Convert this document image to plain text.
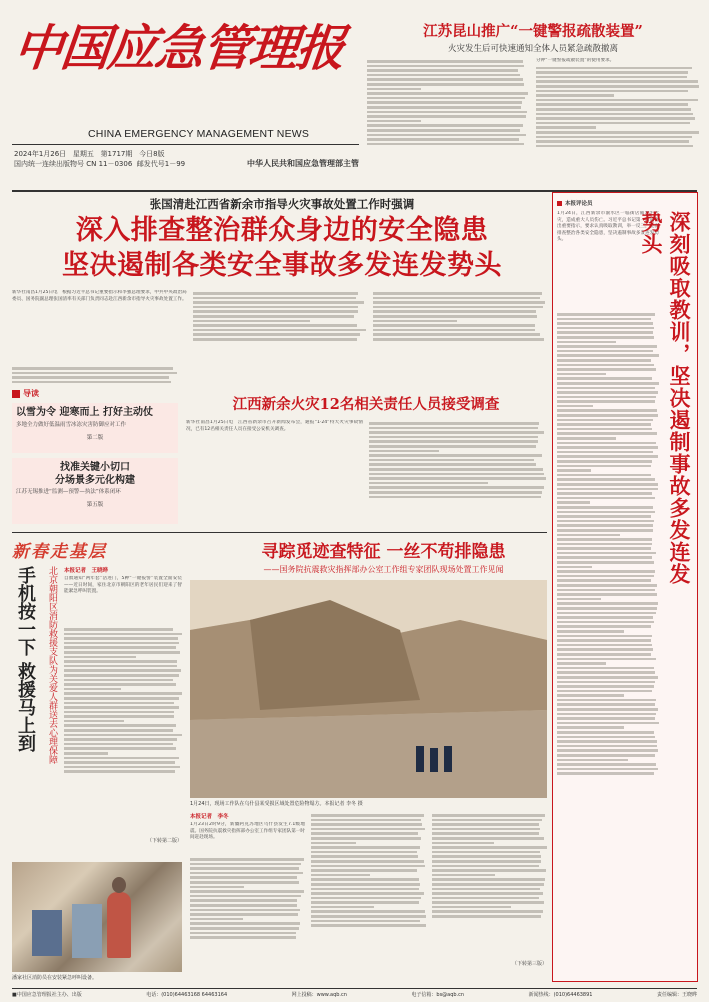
中国应急管理报
CHINA EMERGENCY MANAGEMENT NEWS
2024年1月26日 星期五 第1717期 今日8版
国内统一连续出版物号 CN 11－0306 邮发代号1－99	中华人民共和国应急管理部主管
江苏昆山推广“一键警报疏散装置”
火灾发生后可快速通知全体人员紧急疏散撤离
分钟“一键警报疏散装置”的使用要求。
张国清赴江西省新余市指导火灾事故处置工作时强调
深入排查整治群众身边的安全隐患
坚决遏制各类安全事故多发连发势头
新华社南昌1月25日电　根据习近平总书记重要指示和李强总理要求，中共中央政治局委员、国务院副总理张国清率有关部门负责同志赴江西新余市指导火灾事故处置工作。
导读
以雪为令 迎寒而上 打好主动仗
多地全力做好低温雨雪冰冻灾害防御应对工作
第二版
找准关键小切口
分场景多元化构建
江苏无锡推进“监测—预警—执法”体系闭环
第五版
江西新余火灾12名相关责任人员接受调查
新华社南昌1月25日电　江西省新余市召开新闻发布会，通报“1·24”特大火灾事故情况，已有12名相关责任人员在接受公安机关调查。
本报评论员
1月24日，江西新余市渝水区一临街店铺发生火灾，造成重大人员伤亡。习近平总书记第一时间作出重要指示，要求认真吸取教训，举一反三，全面排查整治各类安全隐患，坚决遏制事故多发连发势头。	深刻吸取教训，坚决遏制事故多发连发势头
新春走基层
手机按一下 救援马上到 北京朝阳区消防救援支队为关爱人群送去心理保障 本报记者　王晓晔
自救通知“两年套”活进门，5种“一键报警”装置全面安装——近日时间，家住北京市朝阳区的老年居民们迎来了智能紧急呼叫装置。
（下转第二版）
潘家社区消防员在安装紧急呼叫设备。
寻踪觅迹查特征 一丝不苟排隐患
——国务院抗震救灾指挥部办公室工作组专家团队现场处置工作见闻
1月24日，现场工作队在乌什县某受损区域处置危险物塌方。本报记者 李冬 摄
本报记者　李冬
1月23日2时9分，新疆阿克苏地区乌什县发生7.1级地震。国务院抗震救灾指挥部办公室工作组专家团队第一时间赶赴现场。
（下转第三版）
■中国应急管理报社主办、出版	电话：(010)64463168 64463164	网上投稿：www.aqb.cn	电子信箱：bs@aqb.cn	新闻热线：(010)64463891	责任编辑：王晓晔
